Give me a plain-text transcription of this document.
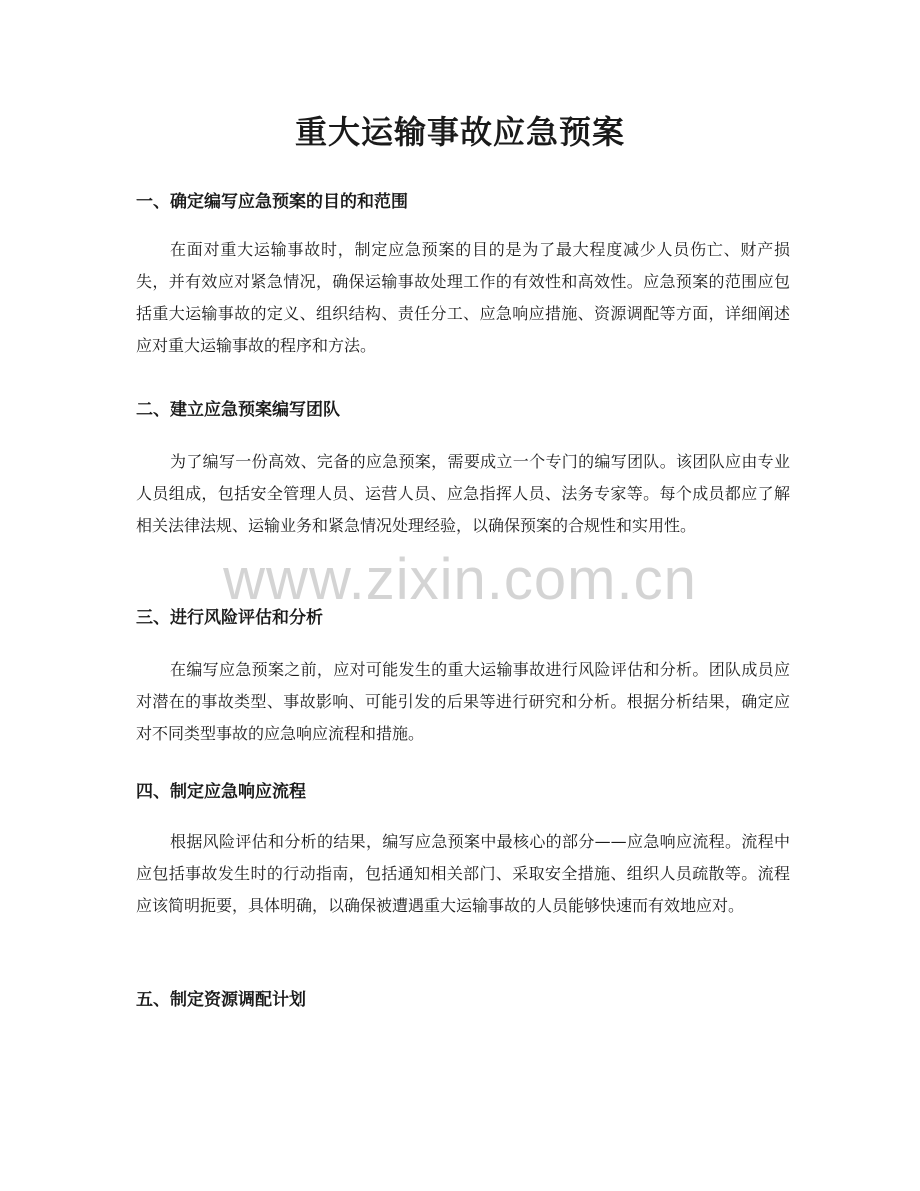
重大运输事故应急预案
一、确定编写应急预案的目的和范围

在面对重大运输事故时，制定应急预案的目的是为了最大程度减少人员伤亡、财产损失，并有效应对紧急情况，确保运输事故处理工作的有效性和高效性。应急预案的范围应包括重大运输事故的定义、组织结构、责任分工、应急响应措施、资源调配等方面，详细阐述应对重大运输事故的程序和方法。

二、建立应急预案编写团队

为了编写一份高效、完备的应急预案，需要成立一个专门的编写团队。该团队应由专业人员组成，包括安全管理人员、运营人员、应急指挥人员、法务专家等。每个成员都应了解相关法律法规、运输业务和紧急情况处理经验，以确保预案的合规性和实用性。

三、进行风险评估和分析

在编写应急预案之前，应对可能发生的重大运输事故进行风险评估和分析。团队成员应对潜在的事故类型、事故影响、可能引发的后果等进行研究和分析。根据分析结果，确定应对不同类型事故的应急响应流程和措施。

四、制定应急响应流程

根据风险评估和分析的结果，编写应急预案中最核心的部分——应急响应流程。流程中应包括事故发生时的行动指南，包括通知相关部门、采取安全措施、组织人员疏散等。流程应该简明扼要，具体明确，以确保被遭遇重大运输事故的人员能够快速而有效地应对。

五、制定资源调配计划
www.zixin.com.cn
